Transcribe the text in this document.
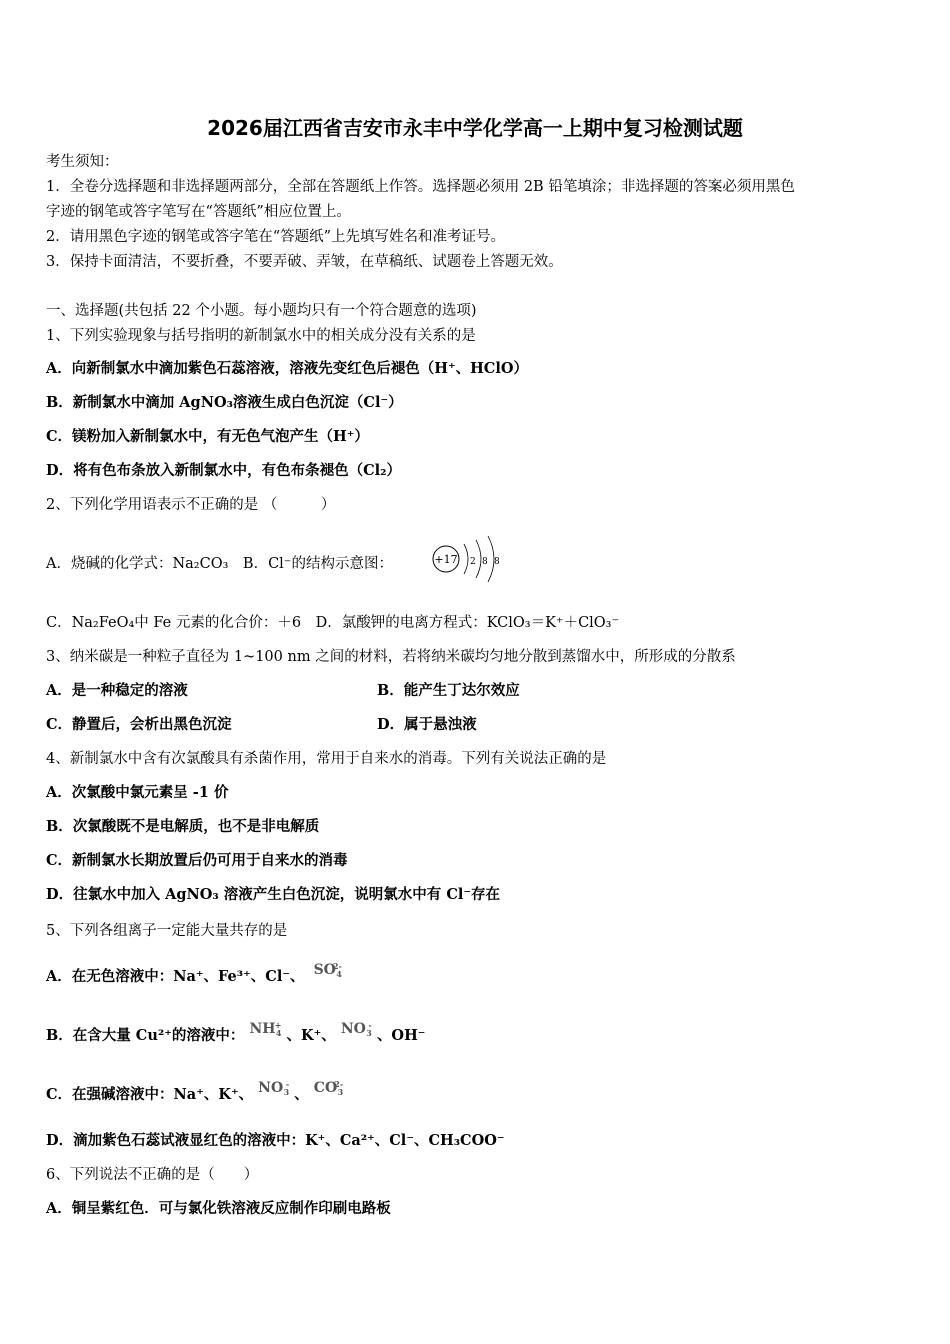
2026届江西省吉安市永丰中学化学高一上期中复习检测试题
考生须知：
1．全卷分选择题和非选择题两部分，全部在答题纸上作答。选择题必须用 2B 铅笔填涂；非选择题的答案必须用黑色
字迹的钢笔或答字笔写在“答题纸”相应位置上。
2．请用黑色字迹的钢笔或答字笔在“答题纸”上先填写姓名和准考证号。
3．保持卡面清洁，不要折叠，不要弄破、弄皱，在草稿纸、试题卷上答题无效。
一、选择题(共包括 22 个小题。每小题均只有一个符合题意的选项)
1、下列实验现象与括号指明的新制氯水中的相关成分没有关系的是
A．向新制氯水中滴加紫色石蕊溶液，溶液先变红色后褪色（H⁺、HClO）
B．新制氯水中滴加 AgNO₃溶液生成白色沉淀（Cl⁻）
C．镁粉加入新制氯水中，有无色气泡产生（H⁺）
D．将有色布条放入新制氯水中，有色布条褪色（Cl₂）
2、下列化学用语表示不正确的是 （　　　）
A．烧碱的化学式：Na₂CO₃　B．Cl⁻的结构示意图：	+17 2 8 8
C．Na₂FeO₄中 Fe 元素的化合价：＋6　D．氯酸钾的电离方程式：KClO₃＝K⁺＋ClO₃⁻
3、纳米碳是一种粒子直径为 1~100 nm 之间的材料，若将纳米碳均匀地分散到蒸馏水中，所形成的分散系
A．是一种稳定的溶液	B．能产生丁达尔效应
C．静置后，会析出黑色沉淀	D．属于悬浊液
4、新制氯水中含有次氯酸具有杀菌作用，常用于自来水的消毒。下列有关说法正确的是
A．次氯酸中氯元素呈 -1 价
B．次氯酸既不是电解质，也不是非电解质
C．新制氯水长期放置后仍可用于自来水的消毒
D．往氯水中加入 AgNO₃ 溶液产生白色沉淀，说明氯水中有 Cl⁻存在
5、下列各组离子一定能大量共存的是
A．在无色溶液中：Na⁺、Fe³⁺、Cl⁻、 SO
2-
4
B．在含大量 Cu²⁺的溶液中： NH +
4 、K⁺、 NO -
3 、OH⁻
C．在强碱溶液中：Na⁺、K⁺、 NO -
3 、 CO
2-
3
D．滴加紫色石蕊试液显红色的溶液中：K⁺、Ca²⁺、Cl⁻、CH₃COO⁻
6、下列说法不正确的是（　　）
A．铜呈紫红色．可与氯化铁溶液反应制作印刷电路板
